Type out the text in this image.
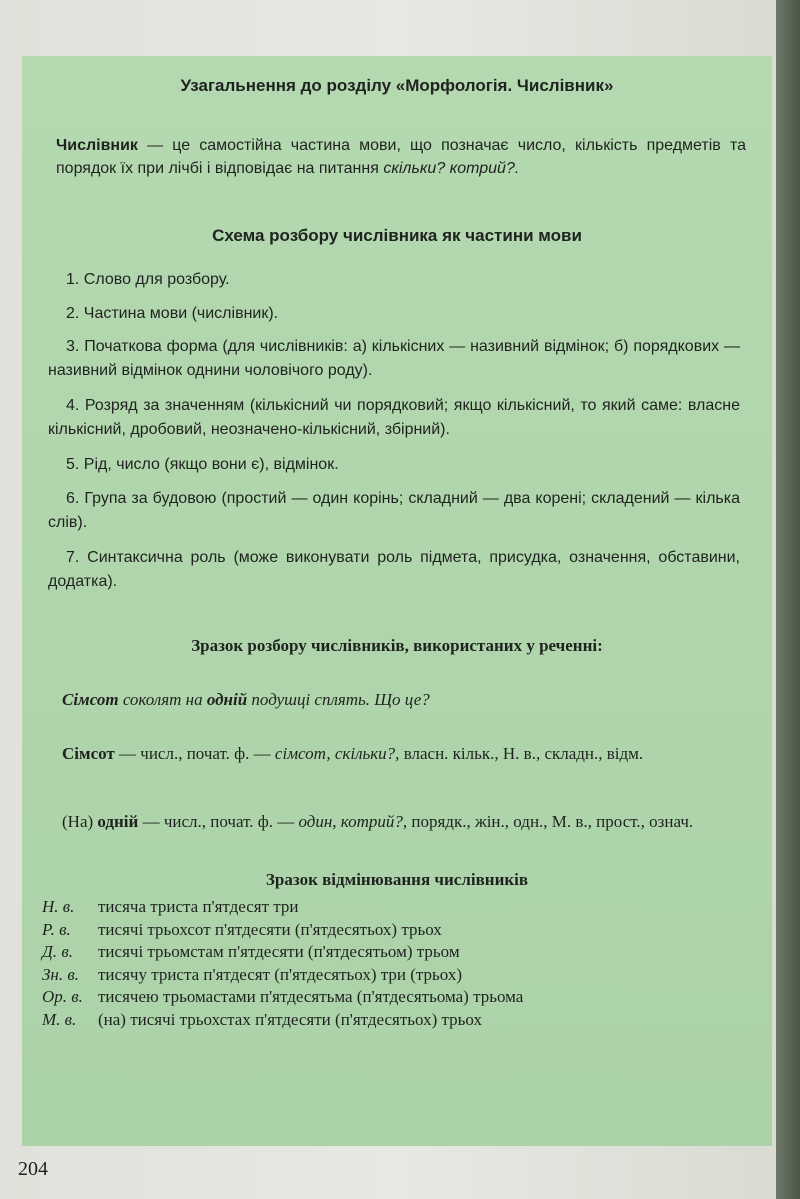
Узагальнення до розділу «Морфологія. Числівник»
Числівник — це самостійна частина мови, що позначає число, кількість предметів та порядок їх при лічбі і відповідає на питання скільки? котрий?.
Схема розбору числівника як частини мови
1. Слово для розбору.
2. Частина мови (числівник).
3. Початкова форма (для числівників: а) кількісних — називний відмінок; б) порядкових — називний відмінок однини чоловічого роду).
4. Розряд за значенням (кількісний чи порядковий; якщо кількісний, то який саме: власне кількісний, дробовий, неозначено-кількісний, збірний).
5. Рід, число (якщо вони є), відмінок.
6. Група за будовою (простий — один корінь; складний — два корені; складений — кілька слів).
7. Синтаксична роль (може виконувати роль підмета, присудка, означення, обставини, додатка).
Зразок розбору числівників, використаних у реченні:
Сімсот соколят на одній подушці сплять. Що це?
Сімсот — числ., почат. ф. — сімсот, скільки?, власн. кільк., Н. в., складн., відм.
(На) одній — числ., почат. ф. — один, котрий?, порядк., жін., одн., М. в., прост., означ.
Зразок відмінювання числівників
Н. в. тисяча триста п'ятдесят три
Р. в. тисячі трьохсот п'ятдесяти (п'ятдесятьох) трьох
Д. в. тисячі трьомстам п'ятдесяти (п'ятдесятьом) трьом
Зн. в. тисячу триста п'ятдесят (п'ятдесятьох) три (трьох)
Ор. в. тисячею трьомастами п'ятдесятьма (п'ятдесятьома) трьома
М. в. (на) тисячі трьохстах п'ятдесяти (п'ятдесятьох) трьох
204
